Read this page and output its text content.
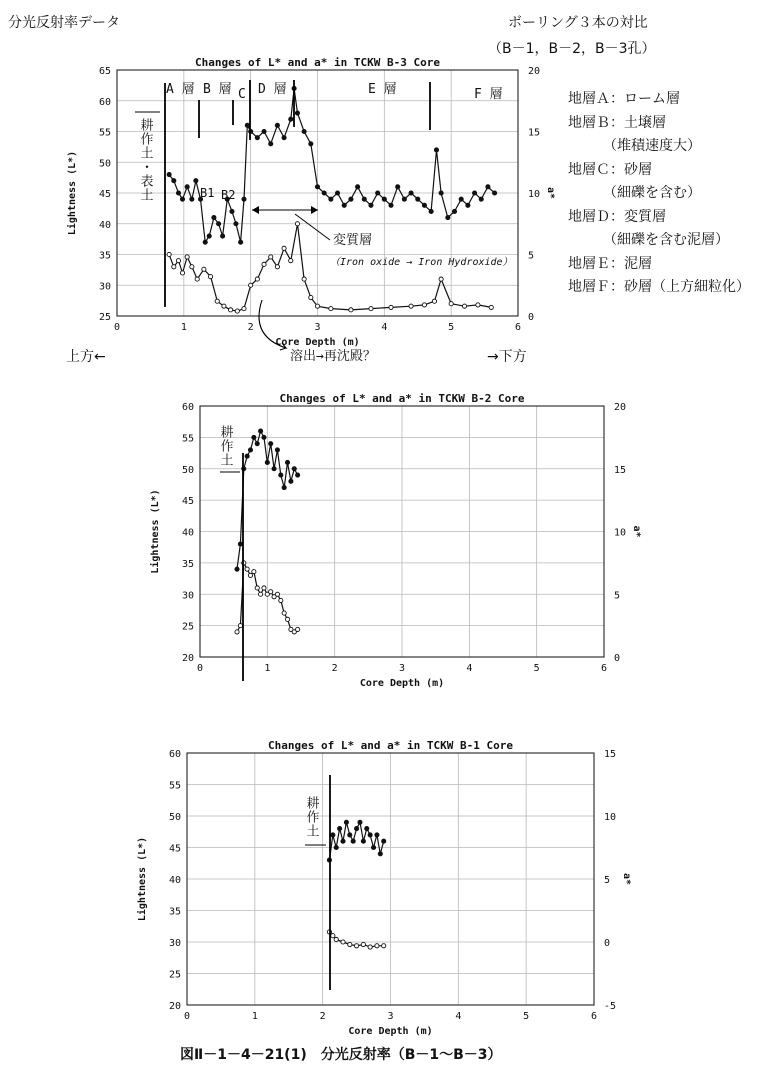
分光反射率データ	ボーリング３本の対比
（B－1，B－2，B－3孔）
地層Ａ：ローム層
地層Ｂ：土壌層
　　　（堆積速度大）
地層Ｃ：砂層
　　　（細礫を含む）
地層Ｄ：変質層
　　　（細礫を含む泥層）
地層Ｅ：泥層
地層Ｆ：砂層（上方細粒化）
上方←	→下方
0	1	2	3	4	5	6
25
30
35
40
45
50
55
60
65
0
5
10
15
20
Changes of L* and a* in TCKW B-3 Core
Core Depth (m)
Lightness (L*)	a*
耕作土・表土
A 層 B 層 C D 層	E 層	F 層
B1 B2
変質層
（Iron oxide → Iron Hydroxide）
溶出→再沈殿？
0	1	2	3	4	5	6
20
25
30
35
40
45
50
55
60
0
5
10
15
20
Changes of L* and a* in TCKW B-2 Core
Core Depth (m)
Lightness (L*)	a*
耕作土
0	1	2	3	4	5	6
20
25
30
35
40
45
50
55
60
-5
0
5
10
15
Changes of L* and a* in TCKW B-1 Core
Core Depth (m)
Lightness (L*)	a*
耕作土
図Ⅱ－1－4－21(1)　分光反射率（B－1～B－3）
